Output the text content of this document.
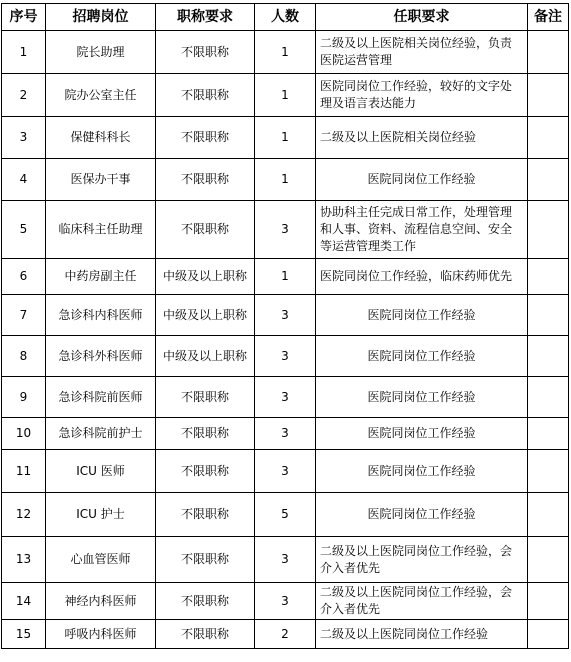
序号	招聘岗位	职称要求	人数	任职要求	备注
1	院长助理	不限职称	1	二级及以上医院相关岗位经验，负责医院运营管理	
2	院办公室主任	不限职称	1	医院同岗位工作经验，较好的文字处理及语言表达能力	
3	保健科科长	不限职称	1	二级及以上医院相关岗位经验	
4	医保办干事	不限职称	1	医院同岗位工作经验	
5	临床科主任助理	不限职称	3	协助科主任完成日常工作，处理管理和人事、资料、流程信息空间、安全等运营管理类工作	
6	中药房副主任	中级及以上职称	1	医院同岗位工作经验，临床药师优先	
7	急诊科内科医师	中级及以上职称	3	医院同岗位工作经验	
8	急诊科外科医师	中级及以上职称	3	医院同岗位工作经验	
9	急诊科院前医师	不限职称	3	医院同岗位工作经验	
10	急诊科院前护士	不限职称	3	医院同岗位工作经验	
11	ICU 医师	不限职称	3	医院同岗位工作经验	
12	ICU 护士	不限职称	5	医院同岗位工作经验	
13	心血管医师	不限职称	3	二级及以上医院同岗位工作经验，会介入者优先	
14	神经内科医师	不限职称	3	二级及以上医院同岗位工作经验，会介入者优先	
15	呼吸内科医师	不限职称	2	二级及以上医院同岗位工作经验	
